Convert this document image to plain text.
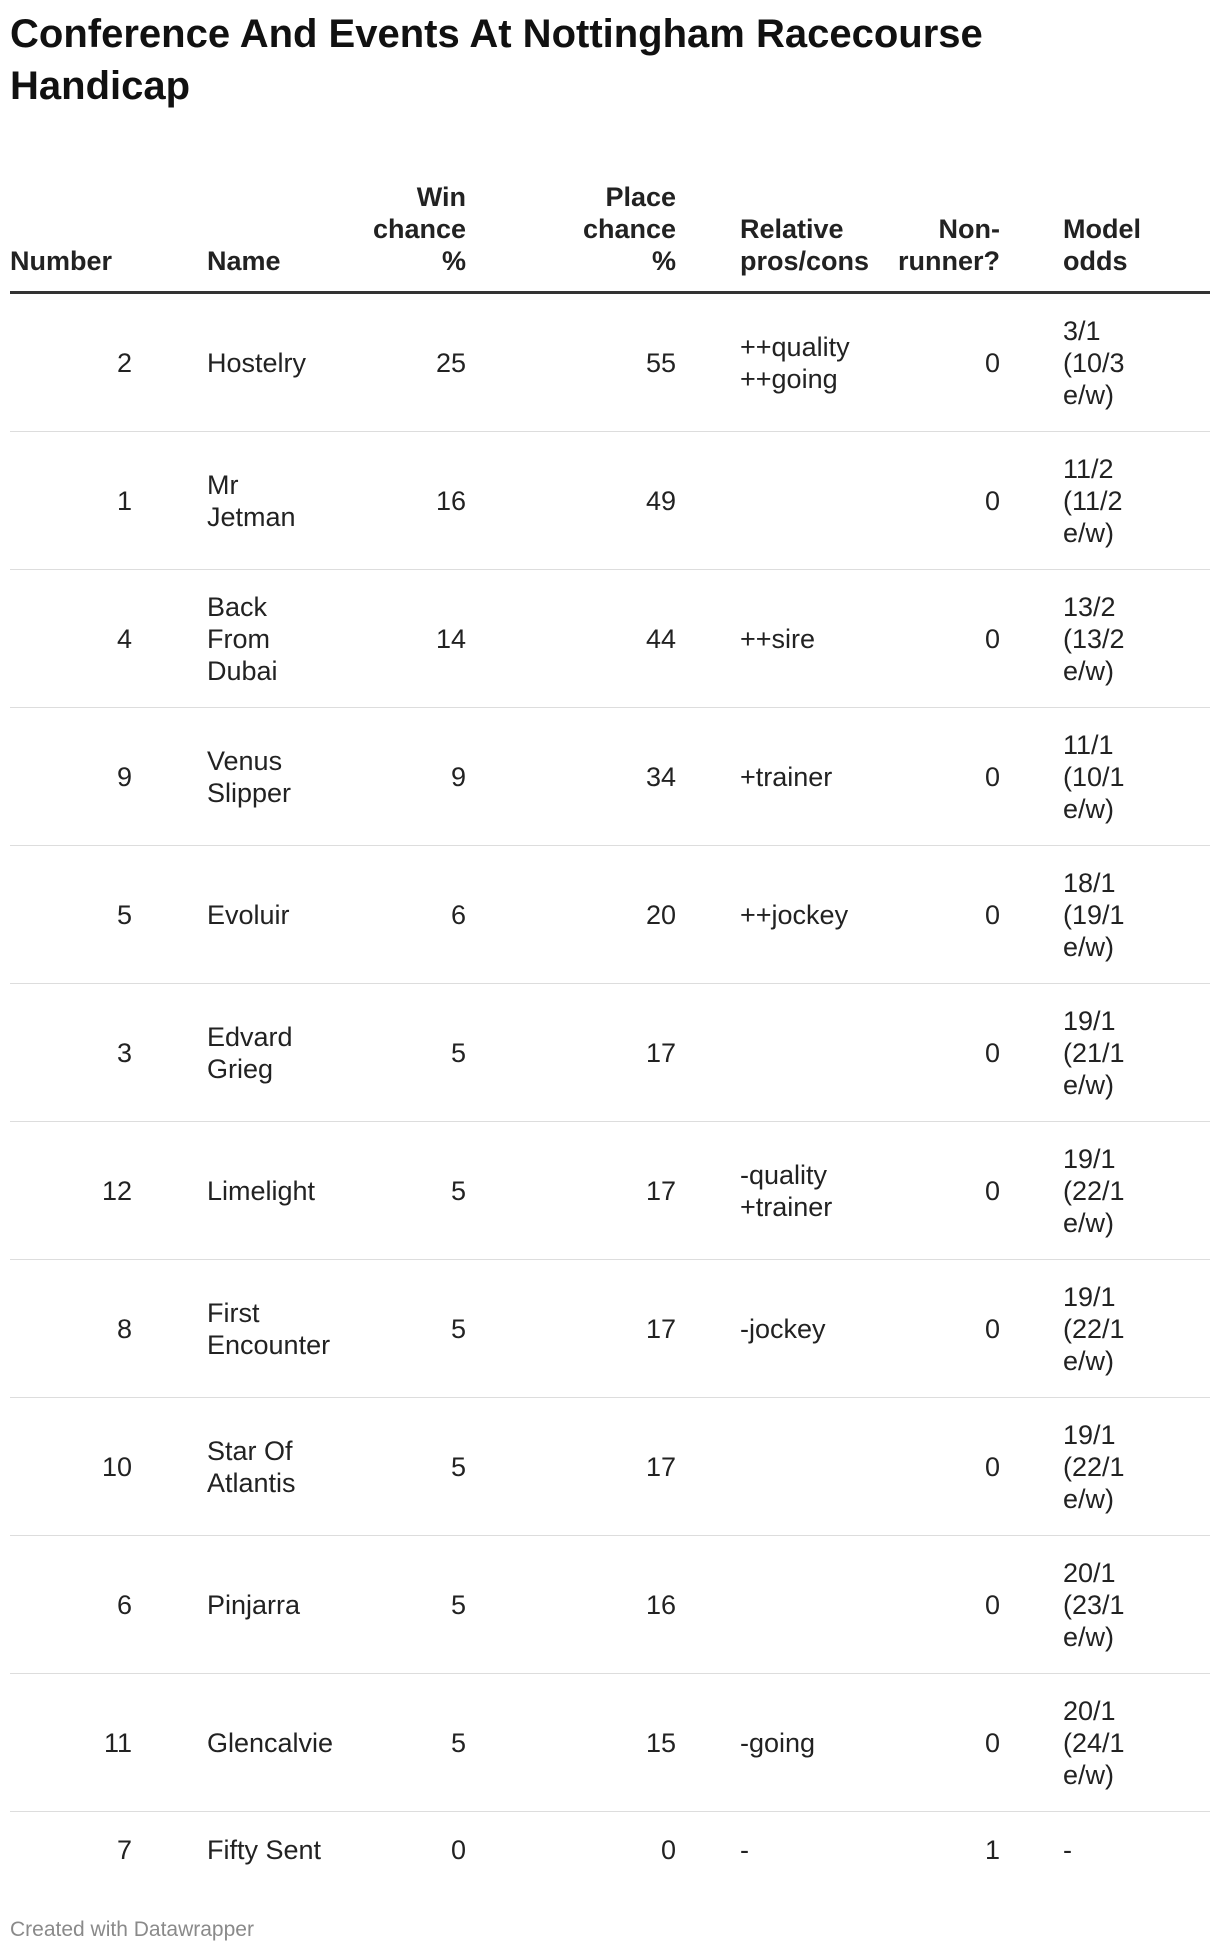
Conference And Events At Nottingham Racecourse Handicap
Number	Name	Win
chance
%	Place
chance
%	Relative
pros/cons	Non-
runner?	Model
odds
2	Hostelry	25	55	++quality
++going	0	3/1
(10/3
e/w)
1	Mr
Jetman	16	49		0	11/2
(11/2
e/w)
4	Back
From
Dubai	14	44	++sire	0	13/2
(13/2
e/w)
9	Venus
Slipper	9	34	+trainer	0	11/1
(10/1
e/w)
5	Evoluir	6	20	++jockey	0	18/1
(19/1
e/w)
3	Edvard
Grieg	5	17		0	19/1
(21/1
e/w)
12	Limelight	5	17	-quality
+trainer	0	19/1
(22/1
e/w)
8	First
Encounter	5	17	-jockey	0	19/1
(22/1
e/w)
10	Star Of
Atlantis	5	17		0	19/1
(22/1
e/w)
6	Pinjarra	5	16		0	20/1
(23/1
e/w)
11	Glencalvie	5	15	-going	0	20/1
(24/1
e/w)
7	Fifty Sent	0	0	-	1	-
Created with Datawrapper
